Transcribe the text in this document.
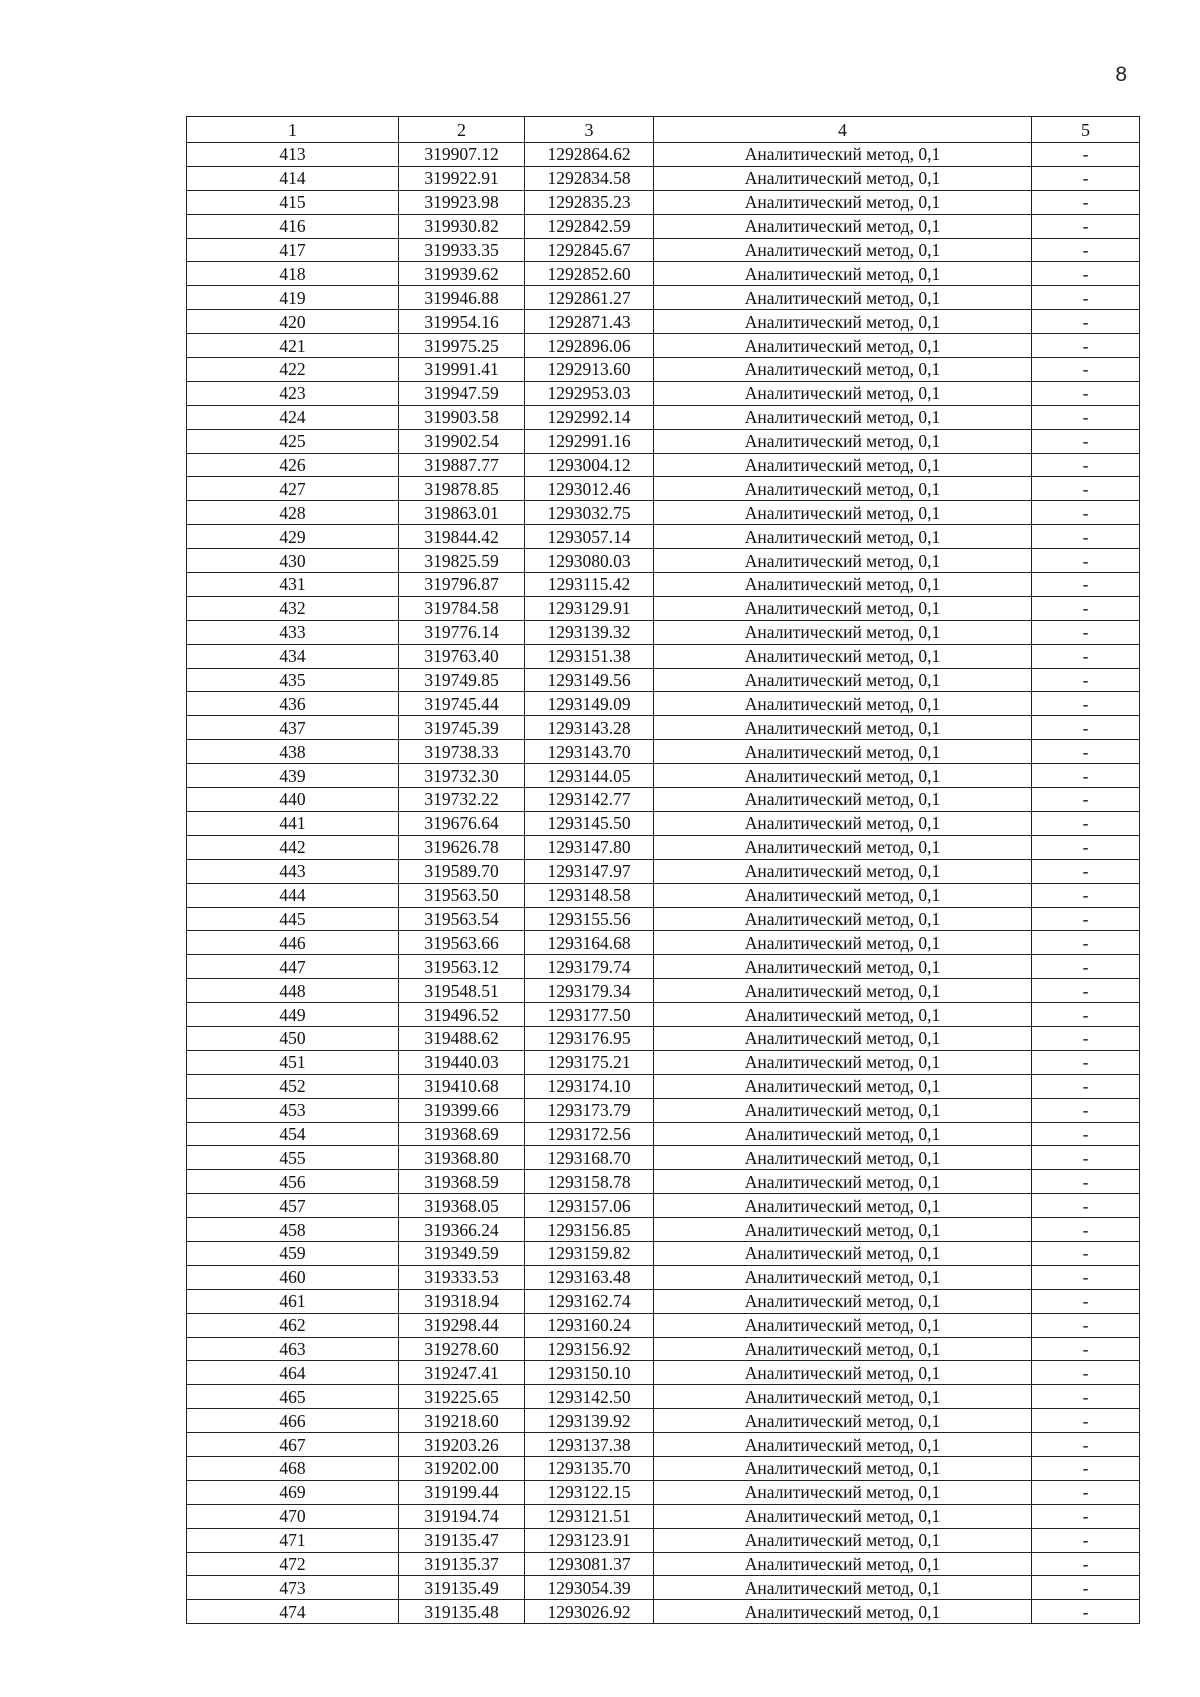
8
1	2	3	4	5
413	319907.12	1292864.62	Аналитический метод, 0,1	-
414	319922.91	1292834.58	Аналитический метод, 0,1	-
415	319923.98	1292835.23	Аналитический метод, 0,1	-
416	319930.82	1292842.59	Аналитический метод, 0,1	-
417	319933.35	1292845.67	Аналитический метод, 0,1	-
418	319939.62	1292852.60	Аналитический метод, 0,1	-
419	319946.88	1292861.27	Аналитический метод, 0,1	-
420	319954.16	1292871.43	Аналитический метод, 0,1	-
421	319975.25	1292896.06	Аналитический метод, 0,1	-
422	319991.41	1292913.60	Аналитический метод, 0,1	-
423	319947.59	1292953.03	Аналитический метод, 0,1	-
424	319903.58	1292992.14	Аналитический метод, 0,1	-
425	319902.54	1292991.16	Аналитический метод, 0,1	-
426	319887.77	1293004.12	Аналитический метод, 0,1	-
427	319878.85	1293012.46	Аналитический метод, 0,1	-
428	319863.01	1293032.75	Аналитический метод, 0,1	-
429	319844.42	1293057.14	Аналитический метод, 0,1	-
430	319825.59	1293080.03	Аналитический метод, 0,1	-
431	319796.87	1293115.42	Аналитический метод, 0,1	-
432	319784.58	1293129.91	Аналитический метод, 0,1	-
433	319776.14	1293139.32	Аналитический метод, 0,1	-
434	319763.40	1293151.38	Аналитический метод, 0,1	-
435	319749.85	1293149.56	Аналитический метод, 0,1	-
436	319745.44	1293149.09	Аналитический метод, 0,1	-
437	319745.39	1293143.28	Аналитический метод, 0,1	-
438	319738.33	1293143.70	Аналитический метод, 0,1	-
439	319732.30	1293144.05	Аналитический метод, 0,1	-
440	319732.22	1293142.77	Аналитический метод, 0,1	-
441	319676.64	1293145.50	Аналитический метод, 0,1	-
442	319626.78	1293147.80	Аналитический метод, 0,1	-
443	319589.70	1293147.97	Аналитический метод, 0,1	-
444	319563.50	1293148.58	Аналитический метод, 0,1	-
445	319563.54	1293155.56	Аналитический метод, 0,1	-
446	319563.66	1293164.68	Аналитический метод, 0,1	-
447	319563.12	1293179.74	Аналитический метод, 0,1	-
448	319548.51	1293179.34	Аналитический метод, 0,1	-
449	319496.52	1293177.50	Аналитический метод, 0,1	-
450	319488.62	1293176.95	Аналитический метод, 0,1	-
451	319440.03	1293175.21	Аналитический метод, 0,1	-
452	319410.68	1293174.10	Аналитический метод, 0,1	-
453	319399.66	1293173.79	Аналитический метод, 0,1	-
454	319368.69	1293172.56	Аналитический метод, 0,1	-
455	319368.80	1293168.70	Аналитический метод, 0,1	-
456	319368.59	1293158.78	Аналитический метод, 0,1	-
457	319368.05	1293157.06	Аналитический метод, 0,1	-
458	319366.24	1293156.85	Аналитический метод, 0,1	-
459	319349.59	1293159.82	Аналитический метод, 0,1	-
460	319333.53	1293163.48	Аналитический метод, 0,1	-
461	319318.94	1293162.74	Аналитический метод, 0,1	-
462	319298.44	1293160.24	Аналитический метод, 0,1	-
463	319278.60	1293156.92	Аналитический метод, 0,1	-
464	319247.41	1293150.10	Аналитический метод, 0,1	-
465	319225.65	1293142.50	Аналитический метод, 0,1	-
466	319218.60	1293139.92	Аналитический метод, 0,1	-
467	319203.26	1293137.38	Аналитический метод, 0,1	-
468	319202.00	1293135.70	Аналитический метод, 0,1	-
469	319199.44	1293122.15	Аналитический метод, 0,1	-
470	319194.74	1293121.51	Аналитический метод, 0,1	-
471	319135.47	1293123.91	Аналитический метод, 0,1	-
472	319135.37	1293081.37	Аналитический метод, 0,1	-
473	319135.49	1293054.39	Аналитический метод, 0,1	-
474	319135.48	1293026.92	Аналитический метод, 0,1	-
